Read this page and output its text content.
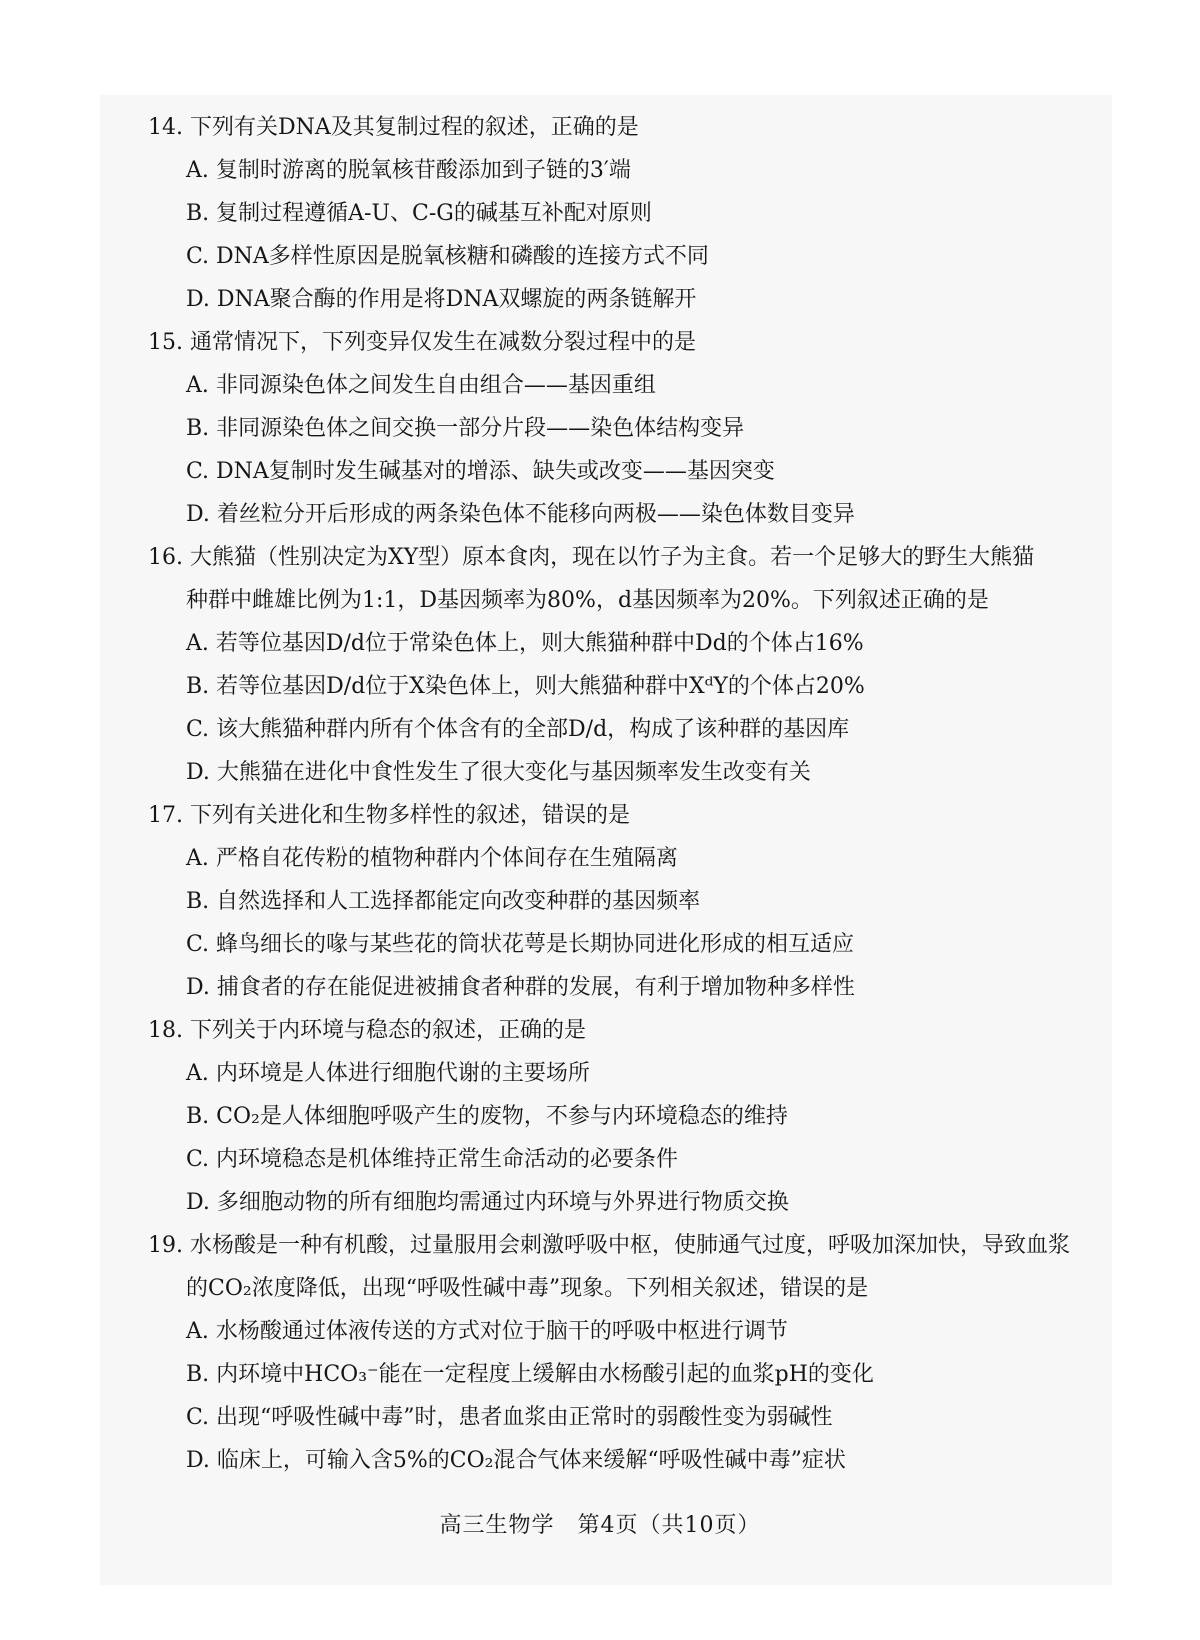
14. 下列有关DNA及其复制过程的叙述，正确的是
A. 复制时游离的脱氧核苷酸添加到子链的3′端
B. 复制过程遵循A-U、C-G的碱基互补配对原则
C. DNA多样性原因是脱氧核糖和磷酸的连接方式不同
D. DNA聚合酶的作用是将DNA双螺旋的两条链解开
15. 通常情况下，下列变异仅发生在减数分裂过程中的是
A. 非同源染色体之间发生自由组合——基因重组
B. 非同源染色体之间交换一部分片段——染色体结构变异
C. DNA复制时发生碱基对的增添、缺失或改变——基因突变
D. 着丝粒分开后形成的两条染色体不能移向两极——染色体数目变异
16. 大熊猫（性别决定为XY型）原本食肉，现在以竹子为主食。若一个足够大的野生大熊猫
种群中雌雄比例为1:1，D基因频率为80%，d基因频率为20%。下列叙述正确的是
A. 若等位基因D/d位于常染色体上，则大熊猫种群中Dd的个体占16%
B. 若等位基因D/d位于X染色体上，则大熊猫种群中XᵈY的个体占20%
C. 该大熊猫种群内所有个体含有的全部D/d，构成了该种群的基因库
D. 大熊猫在进化中食性发生了很大变化与基因频率发生改变有关
17. 下列有关进化和生物多样性的叙述，错误的是
A. 严格自花传粉的植物种群内个体间存在生殖隔离
B. 自然选择和人工选择都能定向改变种群的基因频率
C. 蜂鸟细长的喙与某些花的筒状花萼是长期协同进化形成的相互适应
D. 捕食者的存在能促进被捕食者种群的发展，有利于增加物种多样性
18. 下列关于内环境与稳态的叙述，正确的是
A. 内环境是人体进行细胞代谢的主要场所
B. CO₂是人体细胞呼吸产生的废物，不参与内环境稳态的维持
C. 内环境稳态是机体维持正常生命活动的必要条件
D. 多细胞动物的所有细胞均需通过内环境与外界进行物质交换
19. 水杨酸是一种有机酸，过量服用会刺激呼吸中枢，使肺通气过度，呼吸加深加快，导致血浆
的CO₂浓度降低，出现“呼吸性碱中毒”现象。下列相关叙述，错误的是
A. 水杨酸通过体液传送的方式对位于脑干的呼吸中枢进行调节
B. 内环境中HCO₃⁻能在一定程度上缓解由水杨酸引起的血浆pH的变化
C. 出现“呼吸性碱中毒”时，患者血浆由正常时的弱酸性变为弱碱性
D. 临床上，可输入含5%的CO₂混合气体来缓解“呼吸性碱中毒”症状
高三生物学　第4页（共10页）
